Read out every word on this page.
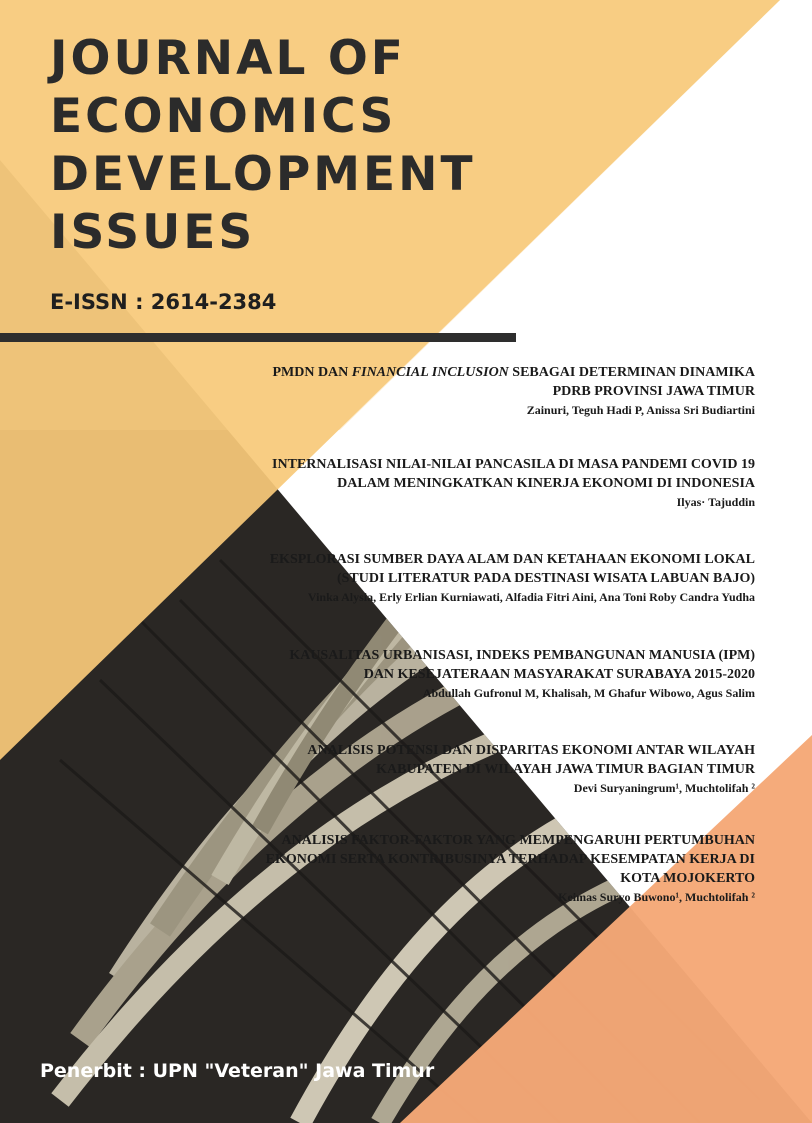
JOURNAL OF
ECONOMICS
DEVELOPMENT
ISSUES
E-ISSN : 2614-2384
PMDN DAN FINANCIAL INCLUSION SEBAGAI DETERMINAN DINAMIKA
PDRB PROVINSI JAWA TIMUR
Zainuri, Teguh Hadi P, Anissa Sri Budiartini
INTERNALISASI NILAI-NILAI PANCASILA DI MASA PANDEMI COVID 19
DALAM MENINGKATKAN KINERJA EKONOMI DI INDONESIA
Ilyas· Tajuddin
EKSPLORASI SUMBER DAYA ALAM DAN KETAHAAN EKONOMI LOKAL
(STUDI LITERATUR PADA DESTINASI WISATA LABUAN BAJO)
Vinka Alysia, Erly Erlian Kurniawati, Alfadia Fitri Aini, Ana Toni Roby Candra Yudha
KAUSALITAS URBANISASI, INDEKS PEMBANGUNAN MANUSIA (IPM)
DAN KESEJATERAAN MASYARAKAT SURABAYA 2015-2020
Abdullah Gufronul M, Khalisah, M Ghafur Wibowo, Agus Salim
ANALISIS POTENSI DAN DISPARITAS EKONOMI ANTAR WILAYAH
KABUPATEN DI WILAYAH JAWA TIMUR BAGIAN TIMUR
Devi Suryaningrum¹, Muchtolifah ²
ANALISIS FAKTOR-FAKTOR YANG MEMPENGARUHI PERTUMBUHAN
EKONOMI SERTA KONTRIBUSINYA TERHADAP KESEMPATAN KERJA DI
KOTA MOJOKERTO
Keimas Suryo Buwono¹, Muchtolifah ²
Penerbit : UPN "Veteran" Jawa Timur
